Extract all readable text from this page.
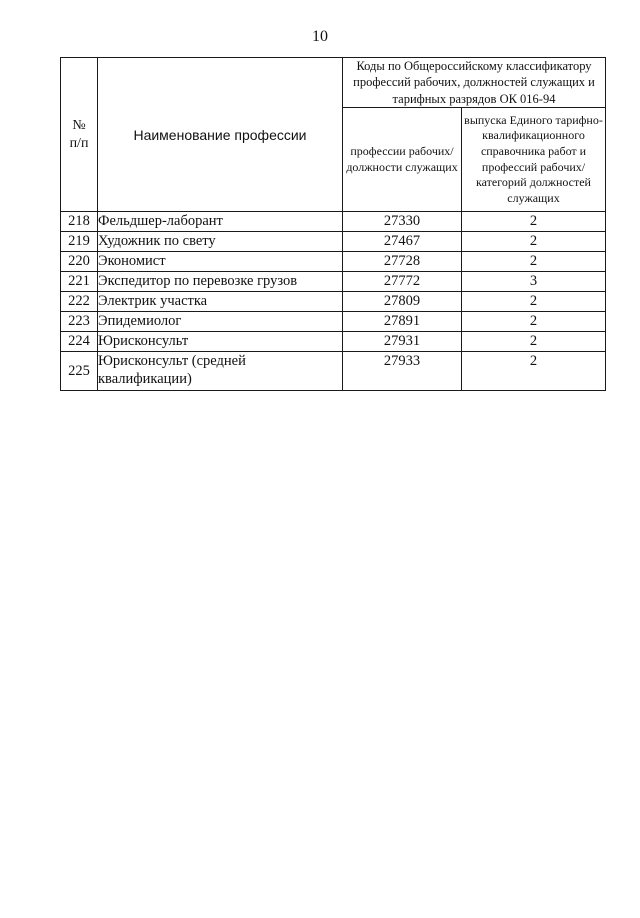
10
№
п/п	Наименование профессии	Коды по Общероссийскому классификатору профессий рабочих, должностей служащих и тарифных разрядов ОК 016-94	
		профессии рабочих/ должности служащих	выпуска Единого тарифно-квалификационного справочника работ и профессий рабочих/категорий должностей служащих
218	Фельдшер-лаборант	27330	2
219	Художник по свету	27467	2
220	Экономист	27728	2
221	Экспедитор по перевозке грузов	27772	3
222	Электрик участка	27809	2
223	Эпидемиолог	27891	2
224	Юрисконсульт	27931	2
225	Юрисконсульт (средней квалификации)	27933	2
